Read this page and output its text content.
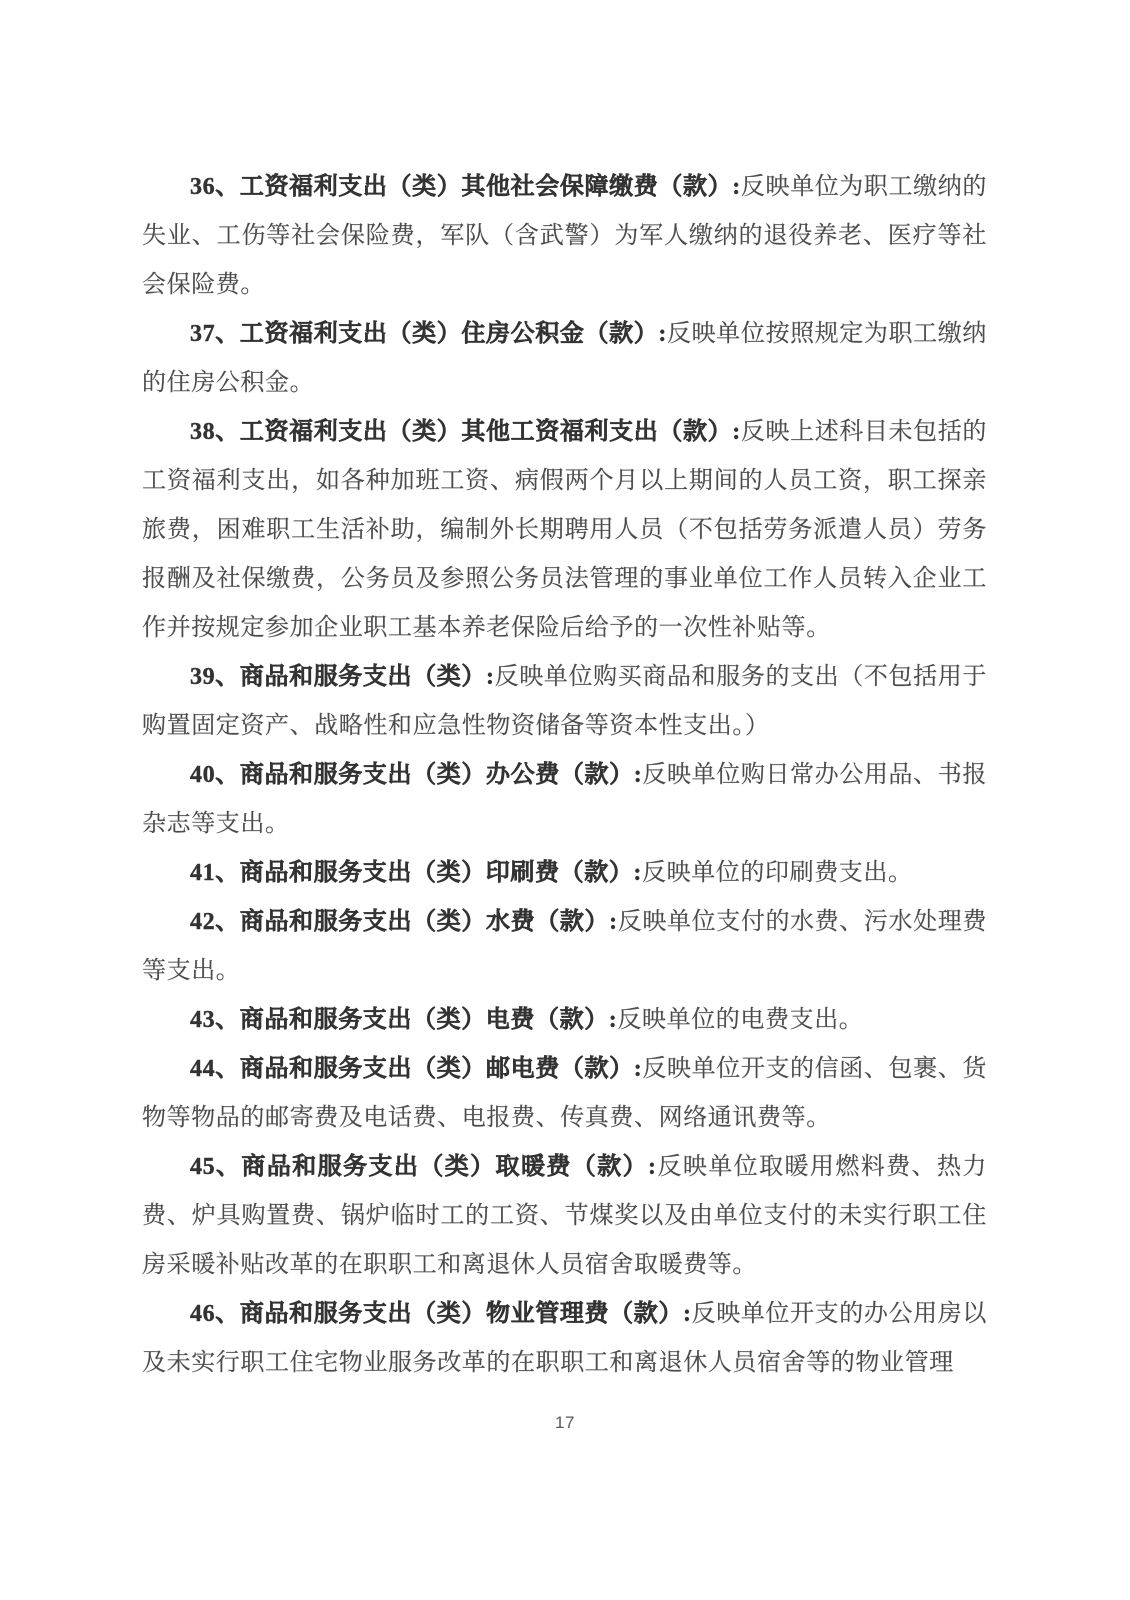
36、工资福利支出（类）其他社会保障缴费（款）:反映单位为职工缴纳的失业、工伤等社会保险费，军队（含武警）为军人缴纳的退役养老、医疗等社会保险费。

37、工资福利支出（类）住房公积金（款）:反映单位按照规定为职工缴纳的住房公积金。

38、工资福利支出（类）其他工资福利支出（款）:反映上述科目未包括的工资福利支出，如各种加班工资、病假两个月以上期间的人员工资，职工探亲旅费，困难职工生活补助，编制外长期聘用人员（不包括劳务派遣人员）劳务报酬及社保缴费，公务员及参照公务员法管理的事业单位工作人员转入企业工作并按规定参加企业职工基本养老保险后给予的一次性补贴等。

39、商品和服务支出（类）:反映单位购买商品和服务的支出（不包括用于购置固定资产、战略性和应急性物资储备等资本性支出。）

40、商品和服务支出（类）办公费（款）:反映单位购日常办公用品、书报杂志等支出。

41、商品和服务支出（类）印刷费（款）:反映单位的印刷费支出。

42、商品和服务支出（类）水费（款）:反映单位支付的水费、污水处理费等支出。

43、商品和服务支出（类）电费（款）:反映单位的电费支出。

44、商品和服务支出（类）邮电费（款）:反映单位开支的信函、包裹、货物等物品的邮寄费及电话费、电报费、传真费、网络通讯费等。

45、商品和服务支出（类）取暖费（款）:反映单位取暖用燃料费、热力费、炉具购置费、锅炉临时工的工资、节煤奖以及由单位支付的未实行职工住房采暖补贴改革的在职职工和离退休人员宿舍取暖费等。

46、商品和服务支出（类）物业管理费（款）:反映单位开支的办公用房以及未实行职工住宅物业服务改革的在职职工和离退休人员宿舍等的物业管理

17
